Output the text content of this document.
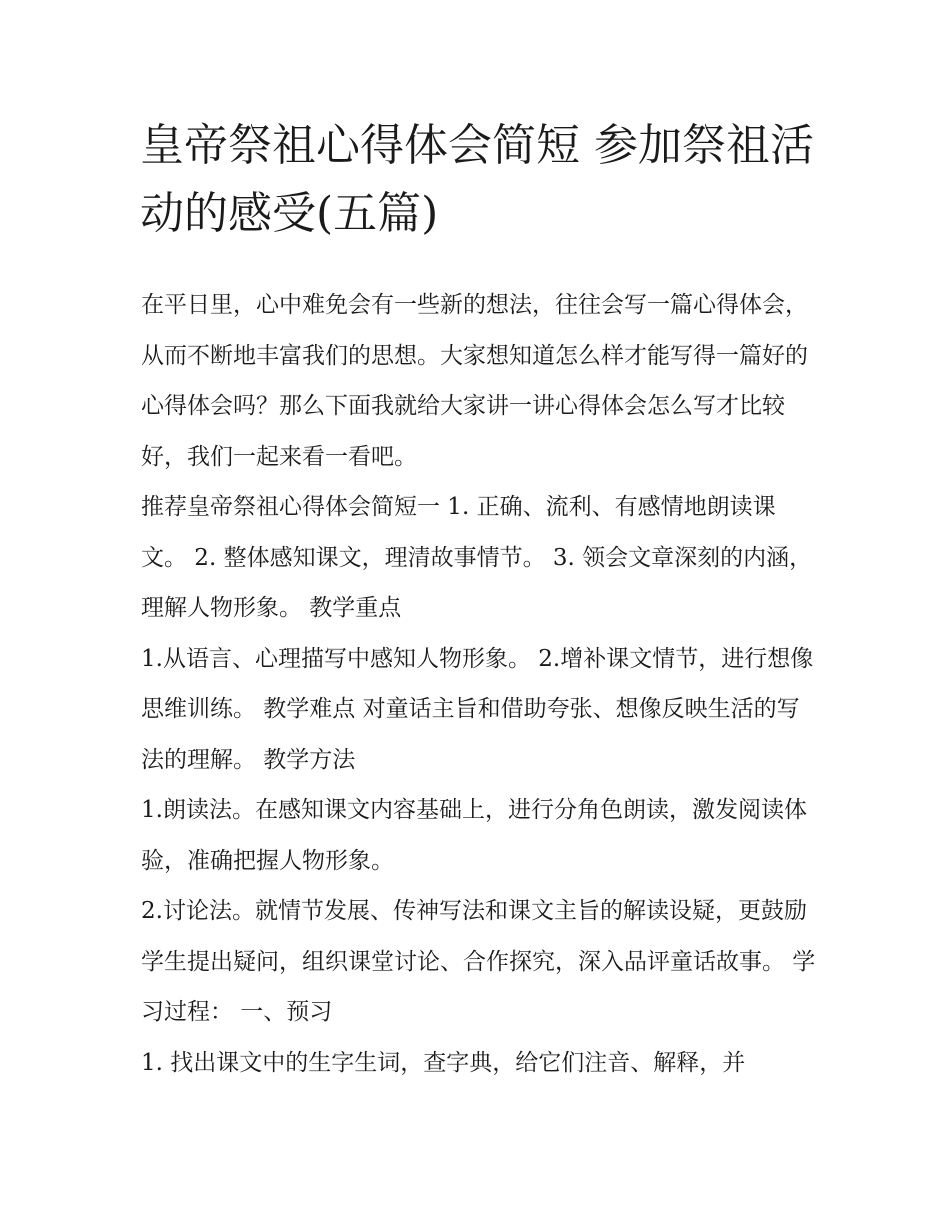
皇帝祭祖心得体会简短 参加祭祖活动的感受(五篇)

在平日里，心中难免会有一些新的想法，往往会写一篇心得体会，从而不断地丰富我们的思想。大家想知道怎么样才能写得一篇好的心得体会吗？那么下面我就给大家讲一讲心得体会怎么写才比较好，我们一起来看一看吧。

推荐皇帝祭祖心得体会简短一 1. 正确、流利、有感情地朗读课文。 2. 整体感知课文，理清故事情节。 3. 领会文章深刻的内涵，理解人物形象。 教学重点

1.从语言、心理描写中感知人物形象。 2.增补课文情节，进行想像思维训练。 教学难点 对童话主旨和借助夸张、想像反映生活的写法的理解。 教学方法

1.朗读法。在感知课文内容基础上，进行分角色朗读，激发阅读体验，准确把握人物形象。

2.讨论法。就情节发展、传神写法和课文主旨的解读设疑，更鼓励学生提出疑问，组织课堂讨论、合作探究，深入品评童话故事。 学习过程： 一、预习

1. 找出课文中的生字生词，查字典，给它们注音、解释，并
